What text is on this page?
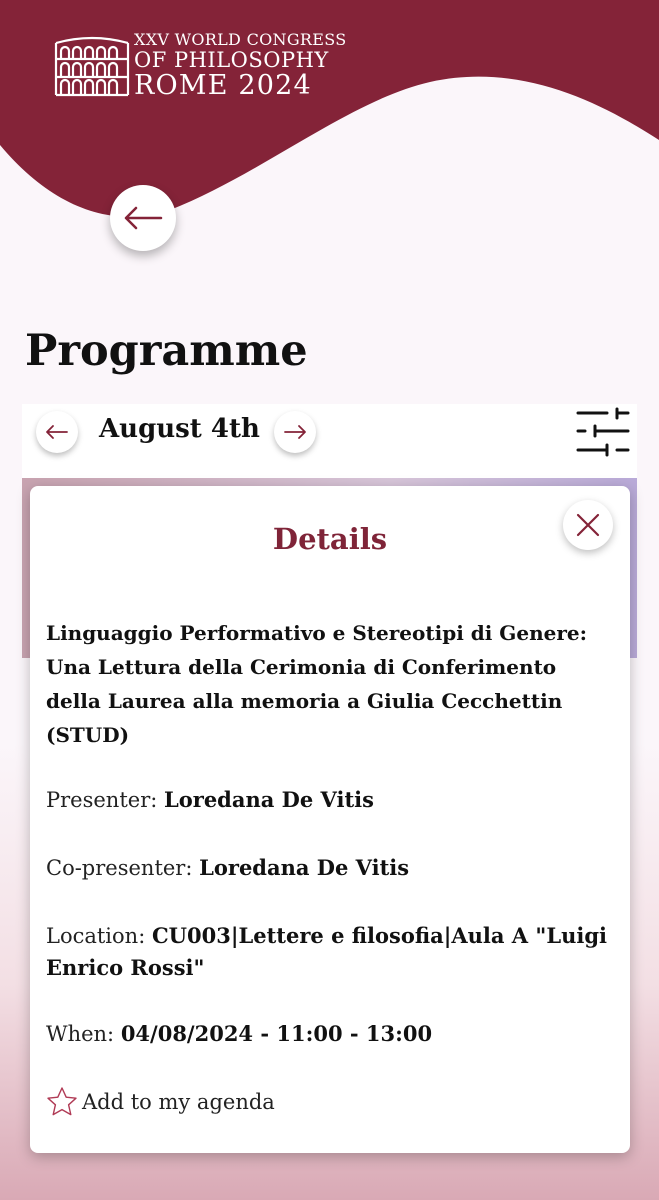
XXV WORLD CONGRESS
OF PHILOSOPHY
ROME 2024
Programme
August 4th
Details
Linguaggio Performativo e Stereotipi di Genere: Una Lettura della Cerimonia di Conferimento della Laurea alla memoria a Giulia Cecchettin (STUD)
Presenter: Loredana De Vitis
Co-presenter: Loredana De Vitis
Location: CU003|Lettere e filosofia|Aula A "Luigi Enrico Rossi"
When: 04/08/2024 - 11:00 - 13:00
Add to my agenda
